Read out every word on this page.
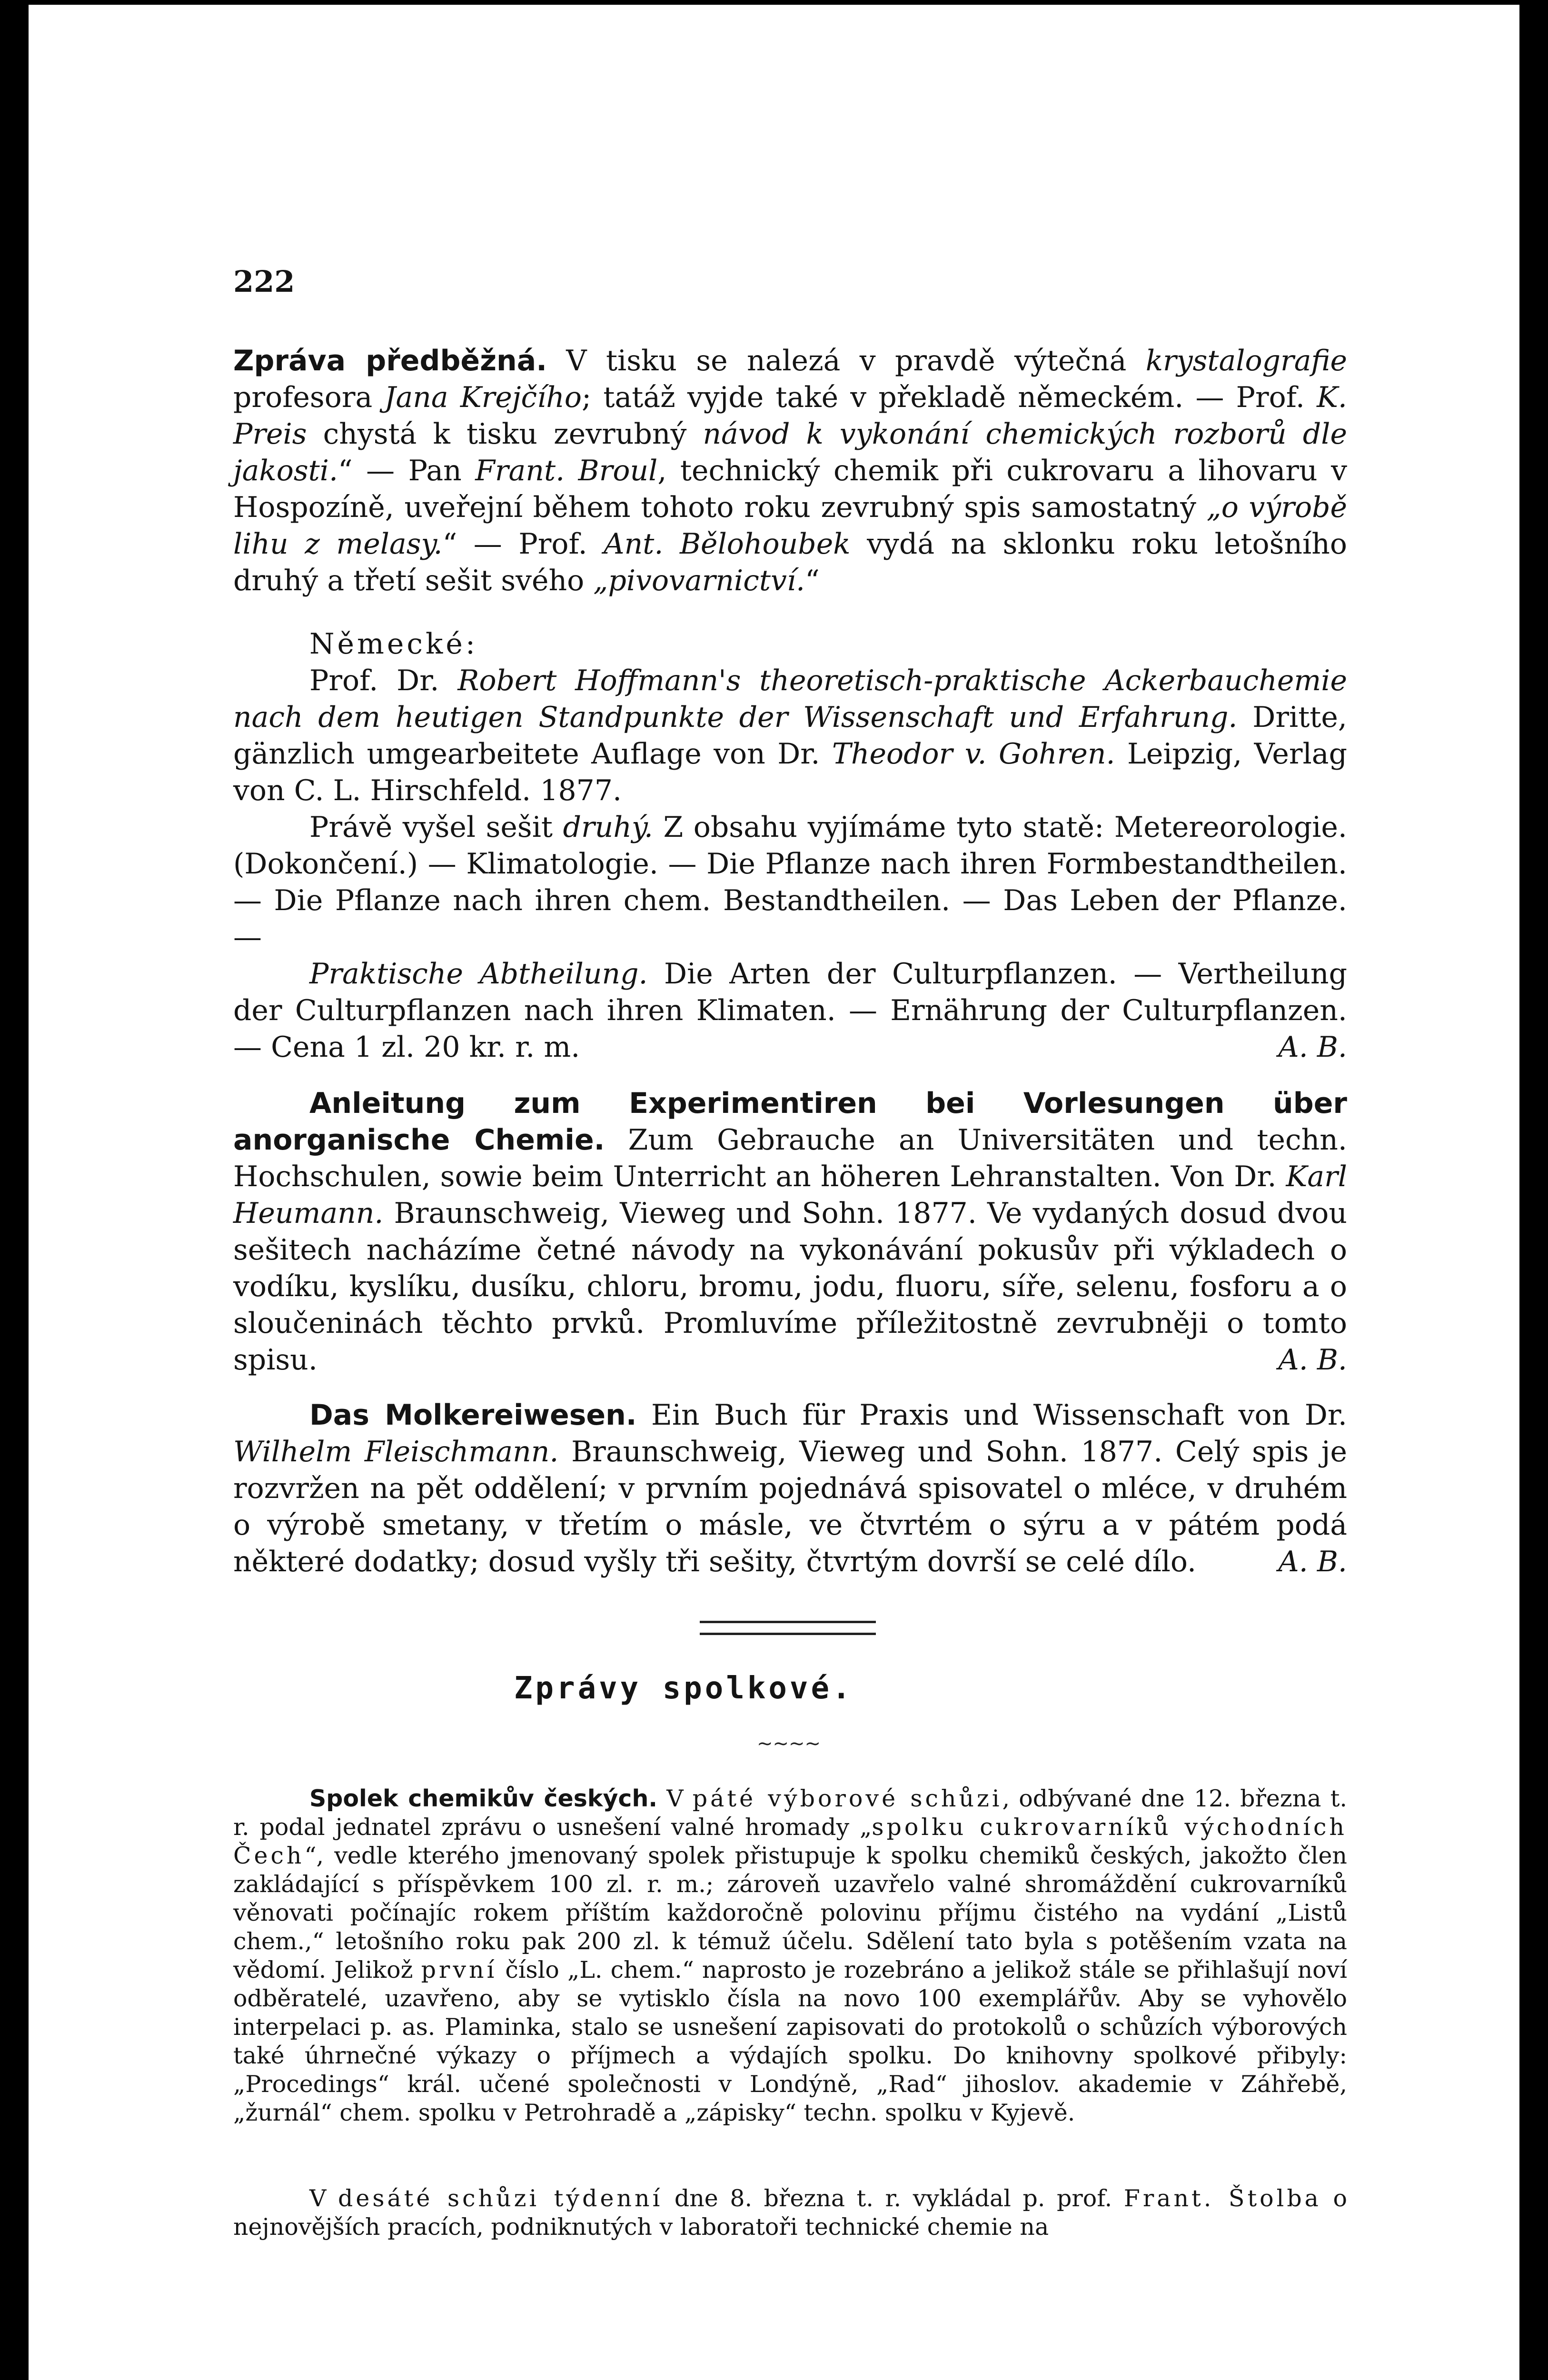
222

Zpráva předběžná. V tisku se nalezá v pravdě výtečná krystalografie profesora Jana Krejčího; tatáž vyjde také v překladě německém. — Prof. K. Preis chystá k tisku zevrubný návod k vykonání chemických rozborů dle jakosti.“ — Pan Frant. Broul, technický chemik při cukrovaru a lihovaru v Hospozíně, uveřejní během tohoto roku zevrubný spis samostatný „o výrobě lihu z melasy.“ — Prof. Ant. Bělohoubek vydá na sklonku roku letošního druhý a třetí sešit svého „pivovarnictví.“

Německé:

Prof. Dr. Robert Hoffmann's theoretisch-praktische Ackerbauchemie nach dem heutigen Standpunkte der Wissenschaft und Erfahrung. Dritte, gänzlich umgearbeitete Auflage von Dr. Theodor v. Gohren. Leipzig, Verlag von C. L. Hirschfeld. 1877.

Právě vyšel sešit druhý. Z obsahu vyjímáme tyto statě: Metereorologie. (Dokončení.) — Klimatologie. — Die Pflanze nach ihren Formbestandtheilen. — Die Pflanze nach ihren chem. Bestandtheilen. — Das Leben der Pflanze. —

Praktische Abtheilung. Die Arten der Culturpflanzen. — Vertheilung der Culturpflanzen nach ihren Klimaten. — Ernährung der Culturpflanzen. — Cena 1 zl. 20 kr. r. m.	A. B.

Anleitung zum Experimentiren bei Vorlesungen über anorganische Chemie. Zum Gebrauche an Universitäten und techn. Hochschulen, sowie beim Unterricht an höheren Lehranstalten. Von Dr. Karl Heumann. Braunschweig, Vieweg und Sohn. 1877. Ve vydaných dosud dvou sešitech nacházíme četné návody na vykonávání pokusův při výkladech o vodíku, kyslíku, dusíku, chloru, bromu, jodu, fluoru, síře, selenu, fosforu a o sloučeninách těchto prvků. Promluvíme příležitostně zevrubněji o tomto spisu.	A. B.

Das Molkereiwesen. Ein Buch für Praxis und Wissenschaft von Dr. Wilhelm Fleischmann. Braunschweig, Vieweg und Sohn. 1877. Celý spis je rozvržen na pět oddělení; v prvním pojednává spisovatel o mléce, v druhém o výrobě smetany, v třetím o másle, ve čtvrtém o sýru a v pátém podá některé dodatky; dosud vyšly tři sešity, čtvrtým dovrší se celé dílo.	A. B.

Zprávy spolkové.
~~~~

Spolek chemikův českých. V páté výborové schůzi, odbývané dne 12. března t. r. podal jednatel zprávu o usnešení valné hromady „spolku cukrovarníků východních Čech“, vedle kterého jmenovaný spolek přistupuje k spolku chemiků českých, jakožto člen zakládající s příspěvkem 100 zl. r. m.; zároveň uzavřelo valné shromáždění cukrovarníků věnovati počínajíc rokem příštím každoročně polovinu příjmu čistého na vydání „Listů chem.,“ letošního roku pak 200 zl. k témuž účelu. Sdělení tato byla s potěšením vzata na vědomí. Jelikož první číslo „L. chem.“ naprosto je rozebráno a jelikož stále se přihlašují noví odběratelé, uzavřeno, aby se vytisklo čísla na novo 100 exemplářův. Aby se vyhovělo interpelaci p. as. Plaminka, stalo se usnešení zapisovati do protokolů o schůzích výborových také úhrnečné výkazy o příjmech a výdajích spolku. Do knihovny spolkové přibyly: „Procedings“ král. učené společnosti v Londýně, „Rad“ jihoslov. akademie v Záhřebě, „žurnál“ chem. spolku v Petrohradě a „zápisky“ techn. spolku v Kyjevě.

V desáté schůzi týdenní dne 8. března t. r. vykládal p. prof. Frant. Štolba o nejnovějších pracích, podniknutých v laboratoři technické chemie na
